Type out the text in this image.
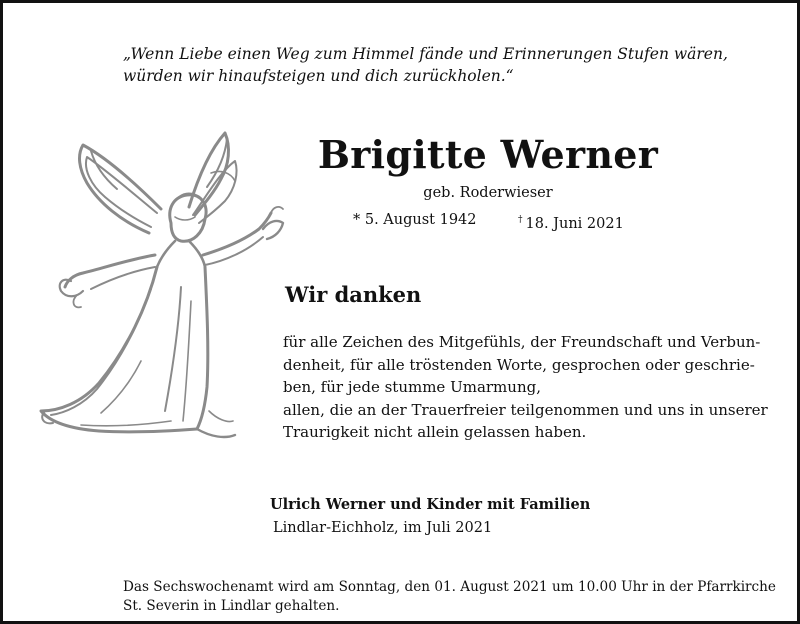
„Wenn Liebe einen Weg zum Himmel fände und Erinnerungen Stufen wären,
würden wir hinaufsteigen und dich zurückholen.“
Brigitte Werner
geb. Roderwieser
* 5. August 1942	† 18. Juni 2021
Wir danken
für alle Zeichen des Mitgefühls, der Freundschaft und Verbun-
denheit, für alle tröstenden Worte, gesprochen oder geschrie-
ben, für jede stumme Umarmung,
allen, die an der Trauerfreier teilgenommen und uns in unserer
Traurigkeit nicht allein gelassen haben.
Ulrich Werner und Kinder mit Familien
Lindlar-Eichholz, im Juli 2021
Das Sechswochenamt wird am Sonntag, den 01. August 2021 um 10.00 Uhr in der Pfarrkirche
St. Severin in Lindlar gehalten.
